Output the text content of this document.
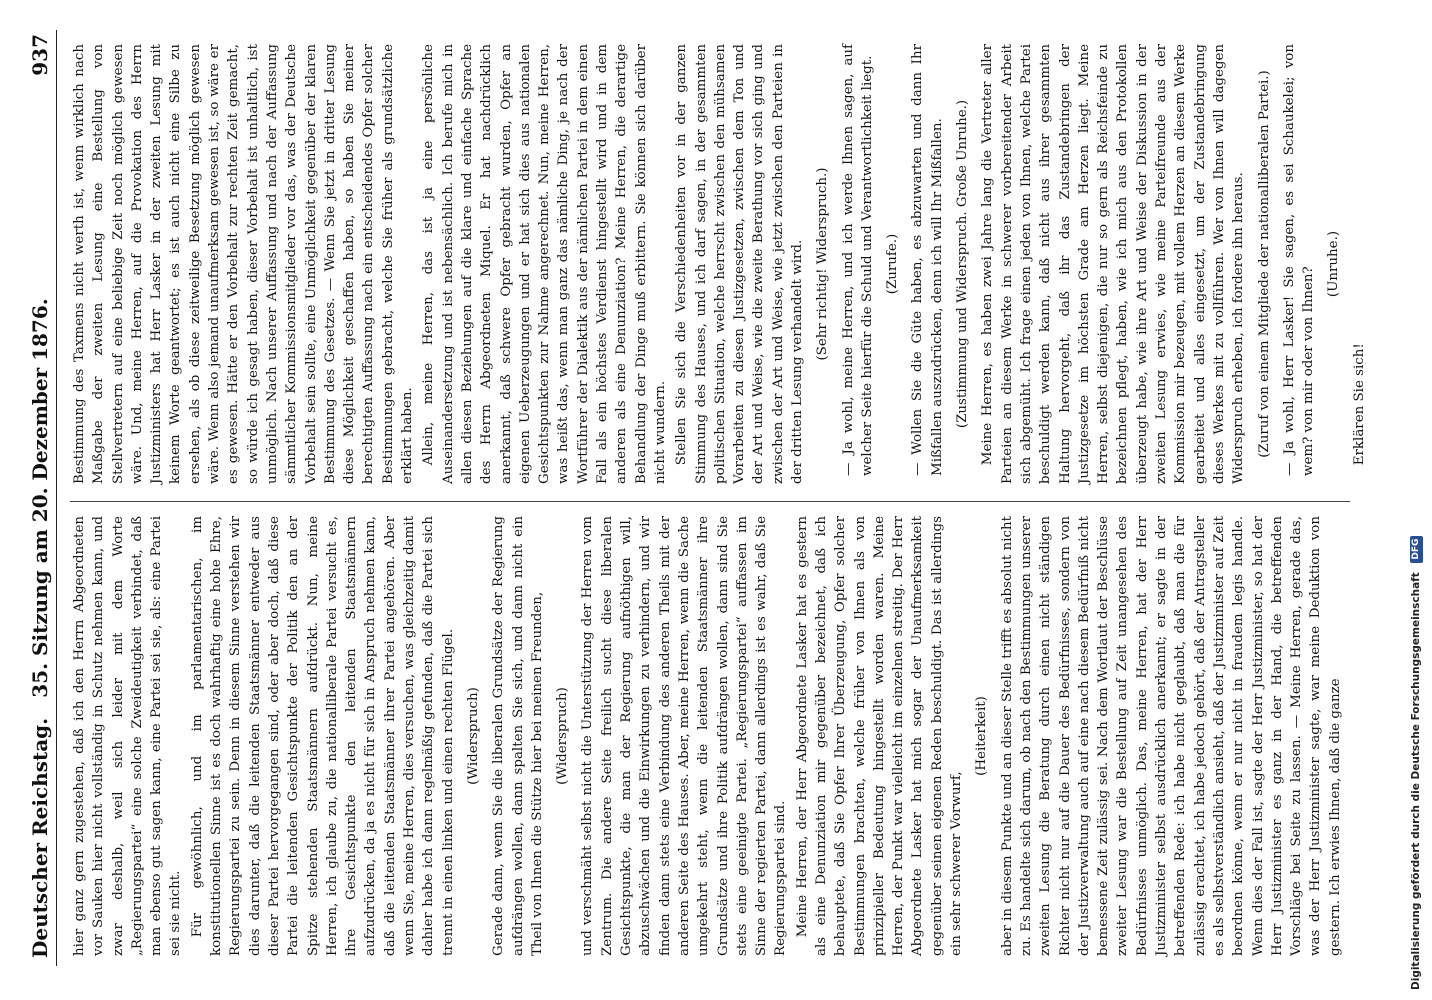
Deutscher Reichstag.
35. Sitzung am 20. Dezember 1876.
937

hier ganz gern zugestehen, daß ich den Herrn Abgeordneten vor Sauken hier nicht vollständig in Schutz nehmen kann, und zwar deshalb, weil sich leider mit dem Worte „Regierungspartei“ eine solche Zweideutigkeit verbindet, daß man ebenso gut sagen kann, eine Partei sei sie, als: eine Partei sei sie nicht. Für gewöhnlich, und im parlamentarischen, im konstitutionellen Sinne ist es doch wahrhaftig eine hohe Ehre, Regierungspartei zu sein. Denn in diesem Sinne verstehen wir dies darunter, daß die leitenden Staatsmänner entweder aus dieser Partei hervorgegangen sind, oder aber doch, daß diese Partei die leitenden Gesichtspunkte der Politik den an der Spitze stehenden Staatsmännern aufdrückt. Nun, meine Herren, ich glaube zu, die nationalliberale Partei versucht es, ihre Gesichtspunkte den leitenden Staatsmännern aufzudrücken, da ja es nicht für sich in Anspruch nehmen kann, daß die leitenden Staatsmänner ihrer Partei angehören. Aber wenn Sie, meine Herren, dies versuchen, was gleichzeitig damit dahier habe ich dann regelmäßig gefunden, daß die Partei sich trennt in einen linken und einen rechten Flügel. (Widerspruch) Gerade dann, wenn Sie die liberalen Grundsätze der Regierung aufdrängen wollen, dann spalten Sie sich, und dann nicht ein Theil von Ihnen die Stütze hier bei meinen Freunden, (Widerspruch) und verschmäht selbst nicht die Unterstützung der Herren vom Zentrum. Die andere Seite freilich sucht diese liberalen Gesichtspunkte, die man der Regierung aufnöthigen will, abzuschwächen und die Einwirkungen zu verhindern, und wir finden dann stets eine Verbindung des anderen Theils mit der anderen Seite des Hauses. Aber, meine Herren, wenn die Sache umgekehrt steht, wenn die leitenden Staatsmänner ihre Grundsätze und ihre Politik aufdrängen wollen, dann sind Sie stets eine geeinigte Partei. „Regierungspartei“ auffassen im Sinne der regierten Partei, dann allerdings ist es wahr, daß Sie Regierungspartei sind. Meine Herren, der Herr Abgeordnete Lasker hat es gestern als eine Denunziation mir gegenüber bezeichnet, daß ich behauptete, daß Sie Opfer Ihrer Überzeugung, Opfer solcher Bestimmungen brachten, welche früher von Ihnen als von prinzipieller Bedeutung hingestellt worden waren. Meine Herren, der Punkt war vielleicht im einzelnen streitig. Der Herr Abgeordnete Lasker hat mich sogar der Unaufmerksamkeit gegenüber seinen eigenen Reden beschuldigt. Das ist allerdings ein sehr schwerer Vorwurf,

(Heiterkeit) aber in diesem Punkte und an dieser Stelle trifft es absolut nicht zu. Es handelte sich darum, ob nach den Bestimmungen unserer zweiten Lesung die Beratung durch einen nicht ständigen Richter nicht nur auf die Dauer des Bedürfnisses, sondern von der Justizverwaltung auch auf eine nach diesem Bedürfniß nicht bemessene Zeit zulässig sei. Nach dem Wortlaut der Beschlüsse zweiter Lesung war die Bestellung auf Zeit unangesehen des Bedürfnisses unmöglich. Das, meine Herren, hat der Herr Justizminister selbst ausdrücklich anerkannt; er sagte in der betreffenden Rede: ich habe nicht geglaubt, daß man die für zulässig erachtet, ich habe jedoch gehört, daß der Antragsteller es als selbstverständlich ansieht, daß der Justizminister auf Zeit beordnen könne, wenn er nur nicht in fraudem legis handle. Wenn dies der Fall ist, sagte der Herr Justizminister, so hat der Herr Justizminister es ganz in der Hand, die betreffenden Vorschläge bei Seite zu lassen. — Meine Herren, gerade das, was der Herr Justizminister sagte, war meine Deduktion von gestern. Ich erwies Ihnen, daß die ganze

Bestimmung des Taxmens nicht werth ist, wenn wirklich nach Maßgabe der zweiten Lesung eine Bestellung von Stellvertretern auf eine beliebige Zeit noch möglich gewesen wäre. Und, meine Herren, auf die Provokation des Herrn Justizministers hat Herr Lasker in der zweiten Lesung mit keinem Worte geantwortet; es ist auch nicht eine Silbe zu ersehen, als ob diese zeitweilige Besetzung möglich gewesen wäre. Wenn also jemand unaufmerksam gewesen ist, so wäre er es gewesen. Hätte er den Vorbehalt zur rechten Zeit gemacht, so würde ich gesagt haben, dieser Vorbehalt ist unhaltlich, ist unmöglich. Nach unserer Auffassung und nach der Auffassung sämmtlicher Kommissionsmitglieder vor das, was der Deutsche Vorbehalt sein sollte, eine Unmöglichkeit gegenüber der klaren Bestimmung des Gesetzes. — Wenn Sie jetzt in dritter Lesung diese Möglichkeit geschaffen haben, so haben Sie meiner berechtigten Auffassung nach ein entscheidendes Opfer solcher Bestimmungen gebracht, welche Sie früher als grundsätzliche erklärt haben. Allein, meine Herren, das ist ja eine persönliche Auseinandersetzung und ist nebensächlich. Ich berufe mich in allen diesen Beziehungen auf die klare und einfache Sprache des Herrn Abgeordneten Miquel. Er hat nachdrücklich anerkannt, daß schwere Opfer gebracht wurden, Opfer an eigenen Ueberzeugungen und er hat sich dies aus nationalen Gesichtspunkten zur Nahme angerechnet. Nun, meine Herren, was heißt das, wenn man ganz das nämliche Ding, je nach der Wortführer der Dialektik aus der nämlichen Partei in dem einen Fall als ein höchstes Verdienst hingestellt wird und in dem anderen als eine Denunziation? Meine Herren, die derartige Behandlung der Dinge muß erbittern. Sie können sich darüber nicht wundern. Stellen Sie sich die Verschiedenheiten vor in der ganzen Stimmung des Hauses, und ich darf sagen, in der gesammten politischen Situation, welche herrscht zwischen den mühsamen Vorarbeiten zu diesen Justizgesetzen, zwischen dem Ton und der Art und Weise, wie die zweite Berathung vor sich ging und zwischen der Art und Weise, wie jetzt zwischen den Parteien in der dritten Lesung verhandelt wird. (Sehr richtig! Widerspruch.) — Ja wohl, meine Herren, und ich werde Ihnen sagen, auf welcher Seite hierfür die Schuld und Verantwortlichkeit liegt. (Zurufe.) — Wollen Sie die Güte haben, es abzuwarten und dann Ihr Mißfallen auszudrücken, denn ich will Ihr Mißfallen. (Zustimmung und Widerspruch. Große Unruhe.) Meine Herren, es haben zwei Jahre lang die Vertreter aller Parteien an diesem Werke in schwerer vorbereitender Arbeit sich abgemüht. Ich frage einen jeden von Ihnen, welche Partei beschuldigt werden kann, daß nicht aus ihrer gesammten Haltung hervorgeht, daß ihr das Zustandebringen der Justizgesetze im höchsten Grade am Herzen liegt. Meine Herren, selbst diejenigen, die nur so gern als Reichsfeinde zu bezeichnen pflegt, haben, wie ich mich aus den Protokollen überzeugt habe, wie ihre Art und Weise der Diskussion in der zweiten Lesung erwies, wie meine Parteifreunde aus der Kommission mir bezeugen, mit vollem Herzen an diesem Werke gearbeitet und alles eingesetzt, um der Zustandebringung dieses Werkes mit zu vollführen. Wer von Ihnen will dagegen Widerspruch erheben, ich fordere ihn heraus. (Zuruf von einem Mitgliede der nationalliberalen Partei.) — Ja wohl, Herr Lasker! Sie sagen, es sei Schaukelei; von wem? von mir oder von Ihnen?

(Unruhe.)

Erklären Sie sich!

Digitalisierung gefördert durch die Deutsche Forschungsgemeinschaft DFG
